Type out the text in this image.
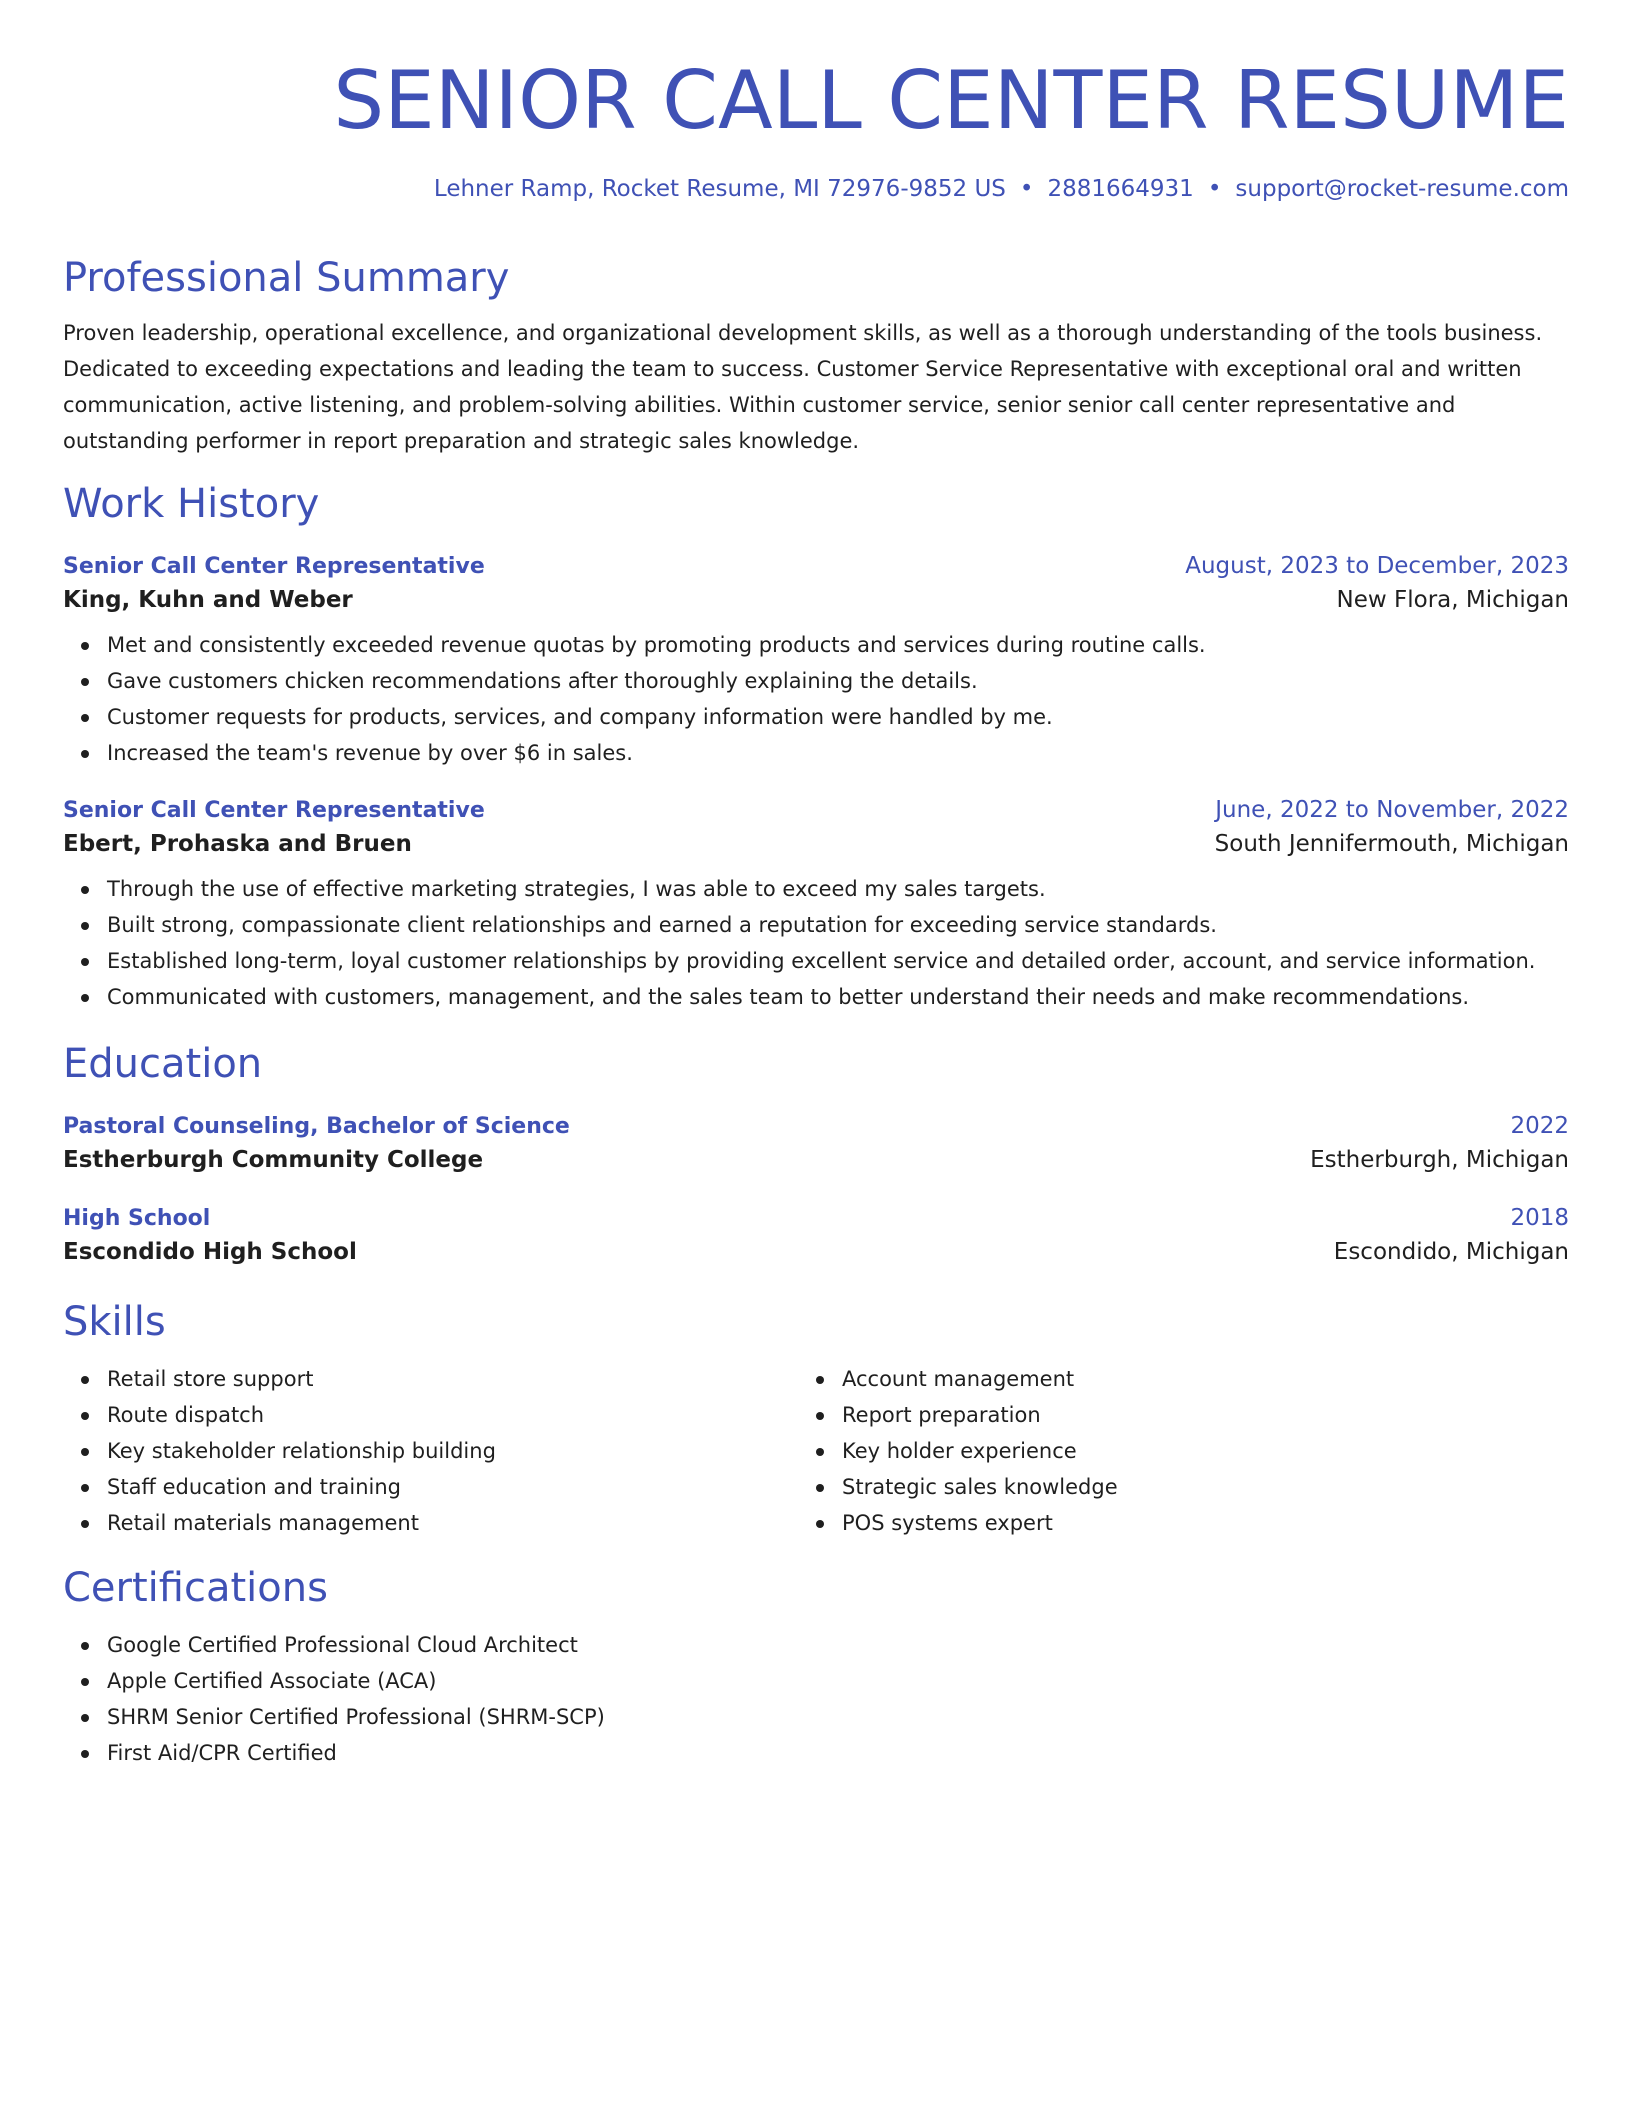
SENIOR CALL CENTER RESUME
Lehner Ramp, Rocket Resume, MI 72976-9852 US • 2881664931 • support@rocket-resume.com
Professional Summary

Proven leadership, operational excellence, and organizational development skills, as well as a thorough understanding of the tools business. Dedicated to exceeding expectations and leading the team to success. Customer Service Representative with exceptional oral and written communication, active listening, and problem-solving abilities. Within customer service, senior senior call center representative and outstanding performer in report preparation and strategic sales knowledge.

Work History
Senior Call Center Representative	August, 2023 to December, 2023
King, Kuhn and Weber	New Flora, Michigan
Met and consistently exceeded revenue quotas by promoting products and services during routine calls.
Gave customers chicken recommendations after thoroughly explaining the details.
Customer requests for products, services, and company information were handled by me.
Increased the team's revenue by over $6 in sales.
Senior Call Center Representative	June, 2022 to November, 2022
Ebert, Prohaska and Bruen	South Jennifermouth, Michigan
Through the use of effective marketing strategies, I was able to exceed my sales targets.
Built strong, compassionate client relationships and earned a reputation for exceeding service standards.
Established long-term, loyal customer relationships by providing excellent service and detailed order, account, and service information.
Communicated with customers, management, and the sales team to better understand their needs and make recommendations.
Education
Pastoral Counseling, Bachelor of Science	2022
Estherburgh Community College	Estherburgh, Michigan
High School	2018
Escondido High School	Escondido, Michigan
Skills
Retail store support
Route dispatch
Key stakeholder relationship building
Staff education and training
Retail materials management
Account management
Report preparation
Key holder experience
Strategic sales knowledge
POS systems expert
Certifications
Google Certified Professional Cloud Architect
Apple Certified Associate (ACA)
SHRM Senior Certified Professional (SHRM-SCP)
First Aid/CPR Certified
